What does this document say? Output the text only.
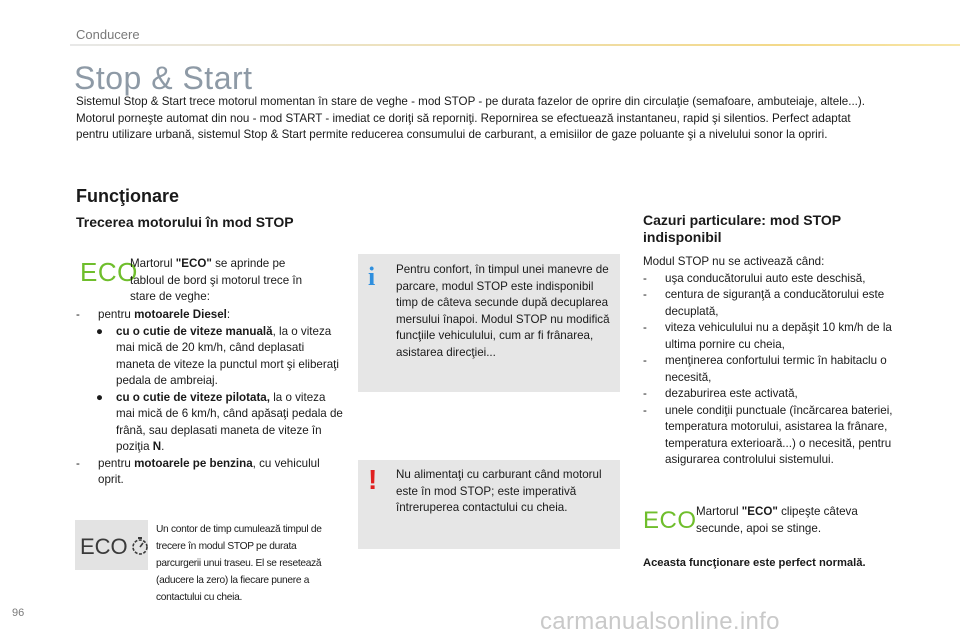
Conducere
Stop & Start

Sistemul Stop & Start trece motorul momentan în stare de veghe - mod STOP - pe durata fazelor de oprire din circulaţie (semafoare, ambuteiaje, altele...). Motorul porneşte automat din nou - mod START - imediat ce doriţi să reporniţi. Repornirea se efectuează instantaneu, rapid şi silentios. Perfect adaptat pentru utilizare urbană, sistemul Stop & Start permite reducerea consumului de carburant, a emisiilor de gaze poluante şi a nivelului sonor la opriri.

Funcţionare
Trecerea motorului în mod STOP
ECO

Martorul "ECO" se aprinde pe tabloul de bord şi motorul trece în stare de veghe:

-	pentru motoarele Diesel:
●	cu o cutie de viteze manuală, la o viteza mai mică de 20 km/h, când deplasati maneta de viteze la punctul mort şi eliberaţi pedala de ambreiaj.
●	cu o cutie de viteze pilotata, la o viteza mai mică de 6 km/h, când apăsaţi pedala de frână, sau deplasati maneta de viteze în poziţia N.
-	pentru motoarele pe benzina, cu vehiculul oprit.
ECO

Un contor de timp cumulează timpul de trecere în modul STOP pe durata parcurgerii unui traseu. El se resetează (aducere la zero) la fiecare punere a contactului cu cheia.

i	Pentru confort, în timpul unei manevre de parcare, modul STOP este indisponibil timp de câteva secunde după decuplarea mersului înapoi. Modul STOP nu modifică funcţiile vehiculului, cum ar fi frânarea, asistarea direcţiei...

! Nu alimentaţi cu carburant când motorul este în mod STOP; este imperativă întreruperea contactului cu cheia.

Cazuri particulare: mod STOP indisponibil

Modul STOP nu se activează când:

-	uşa conducătorului auto este deschisă,
-	centura de siguranţă a conducătorului este decuplată,
-	viteza vehiculului nu a depăşit 10 km/h de la ultima pornire cu cheia,
-	menţinerea confortului termic în habitaclu o necesită,
-	dezaburirea este activată,
-	unele condiţii punctuale (încărcarea bateriei, temperatura motorului, asistarea la frânare, temperatura exterioară...) o necesită, pentru asigurarea controlului sistemului.
ECO Martorul "ECO" clipeşte câteva secunde, apoi se stinge.

Aceasta funcţionare este perfect normală.

96	carmanualsonline.info
